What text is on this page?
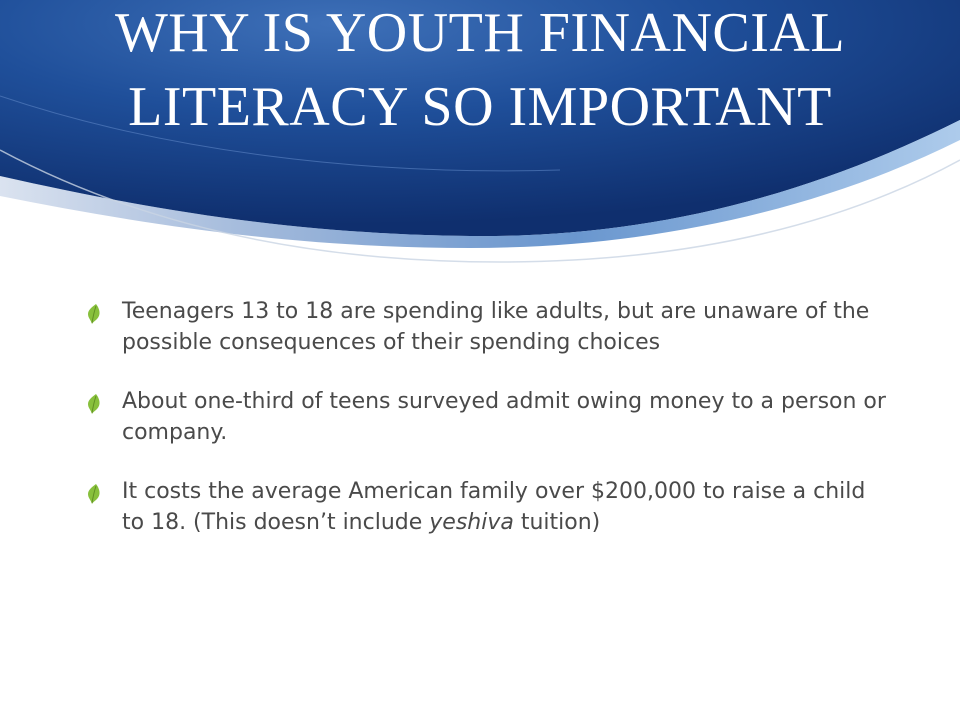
WHY IS YOUTH FINANCIAL LITERACY SO IMPORTANT
Teenagers 13 to 18 are spending like adults, but are unaware of the possible consequences of their spending choices
About one-third of teens surveyed admit owing money to a person or company.
It costs the average American family over $200,000 to raise a child to 18. (This doesn’t include yeshiva tuition)
